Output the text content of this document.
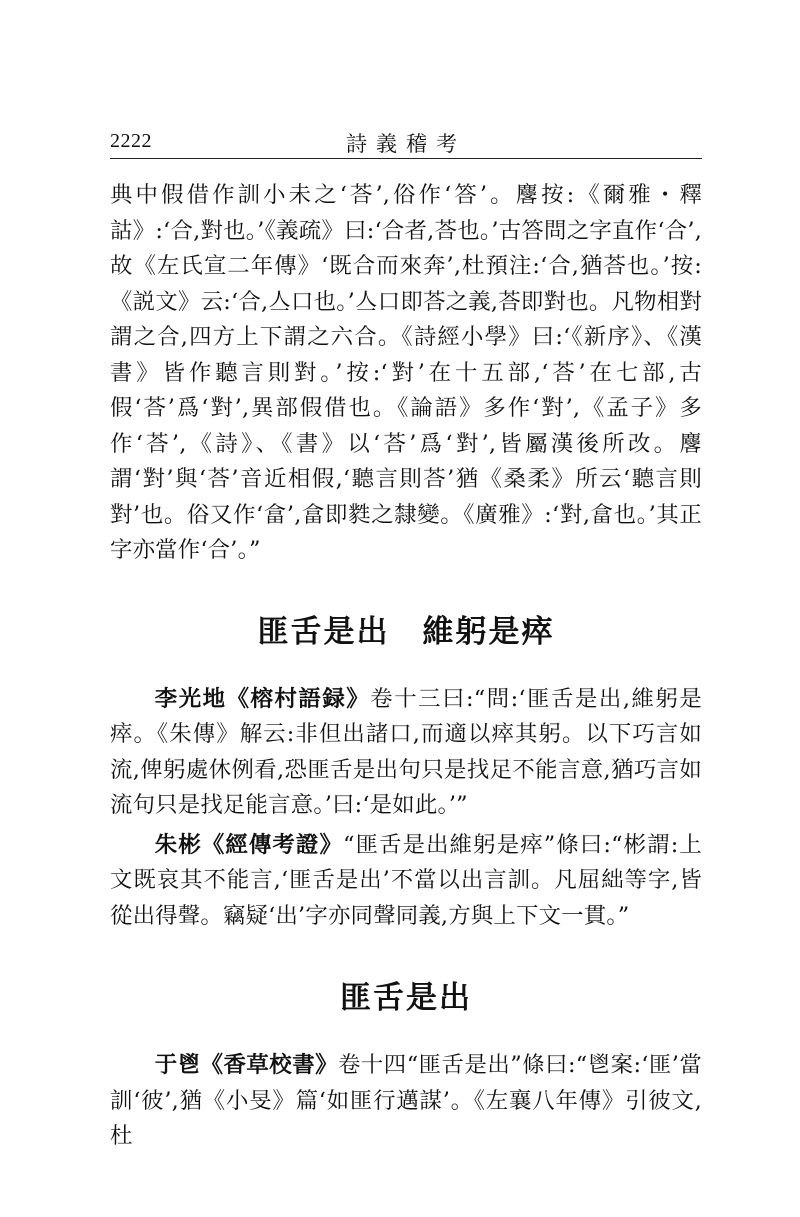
2222	詩義稽考

典中假借作訓小未之‘荅’,俗作‘答’。麐按:《爾雅・釋詁》:‘合,對也。’《義疏》曰:‘合者,荅也。’古答問之字直作‘合’,故《左氏宣二年傳》‘既合而來奔’,杜預注:‘合,猶荅也。’按:《説文》云:‘合,亼口也。’亼口即荅之義,荅即對也。凡物相對謂之合,四方上下謂之六合。《詩經小學》曰:‘《新序》、《漢書》皆作聽言則對。’按:‘對’在十五部,‘荅’在七部,古假‘荅’爲‘對’,異部假借也。《論語》多作‘對’,《孟子》多作‘荅’,《詩》、《書》以‘荅’爲‘對’,皆屬漢後所改。麐謂‘對’與‘荅’音近相假,‘聽言則荅’猶《桑柔》所云‘聽言則對’也。俗又作‘畣’,畣即㽔之隸變。《廣雅》:‘對,畣也。’其正字亦當作‘合’。”

匪舌是出　維躬是瘁

李光地《榕村語録》卷十三曰:“問:‘匪舌是出,維躬是瘁。《朱傳》解云:非但出諸口,而適以瘁其躬。以下巧言如流,俾躬處休例看,恐匪舌是出句只是找足不能言意,猶巧言如流句只是找足能言意。’曰:‘是如此。’”

朱彬《經傳考證》“匪舌是出維躬是瘁”條曰:“彬謂:上文既哀其不能言,‘匪舌是出’不當以出言訓。凡屈絀等字,皆從出得聲。竊疑‘出’字亦同聲同義,方與上下文一貫。”

匪舌是出

于鬯《香草校書》卷十四“匪舌是出”條曰:“鬯案:‘匪’當訓‘彼’,猶《小旻》篇‘如匪行邁謀’。《左襄八年傳》引彼文,杜
